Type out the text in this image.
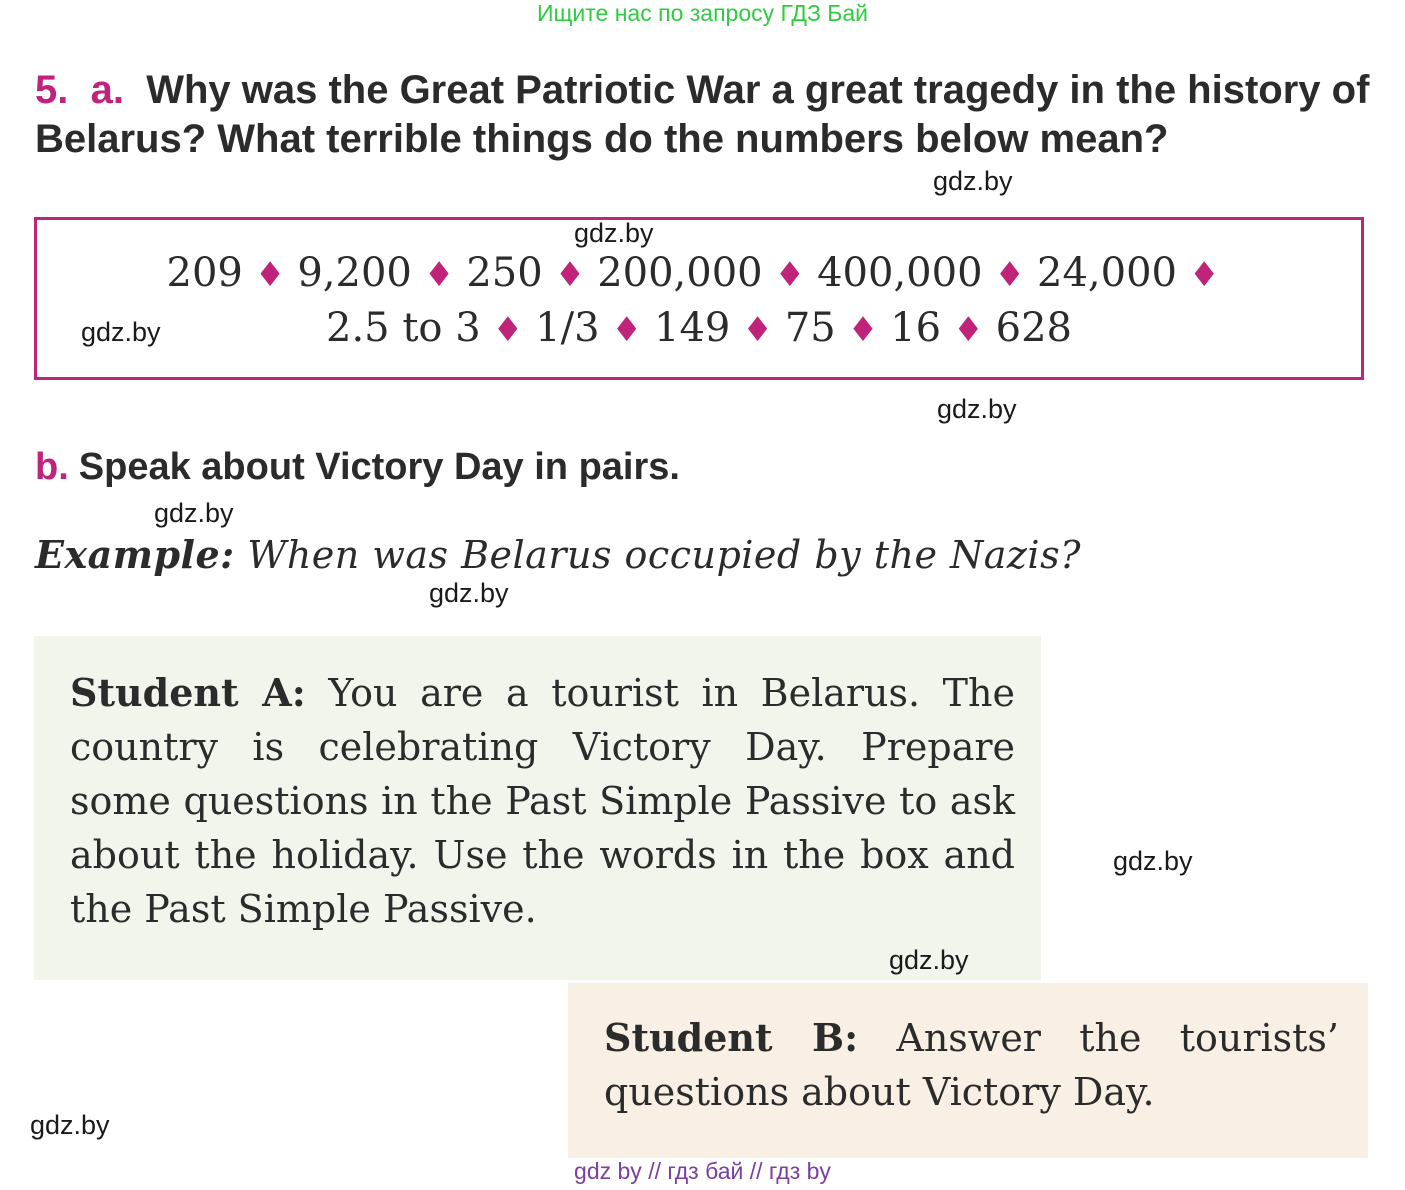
Ищите нас по запросу ГДЗ Бай
5. a. Why was the Great Patriotic War a great tragedy in the history of Belarus? What terrible things do the numbers below mean?
gdz.by
209 ♦ 9,200 ♦ 250 ♦ 200,000 ♦ 400,000 ♦ 24,000 ♦
2.5 to 3 ♦ 1/3 ♦ 149 ♦ 75 ♦ 16 ♦ 628
gdz.by
gdz.by
gdz.by
b. Speak about Victory Day in pairs.
gdz.by
Example: When was Belarus occupied by the Nazis?
gdz.by
Student A: You are a tourist in Belarus. The country is celebrating Victory Day. Prepare some questions in the Past Simple Passive to ask about the holiday. Use the words in the box and the Past Simple Passive.
gdz.by
gdz.by
Student B: Answer the tourists’ questions about Victory Day.
gdz.by
gdz by // гдз бай // гдз by
